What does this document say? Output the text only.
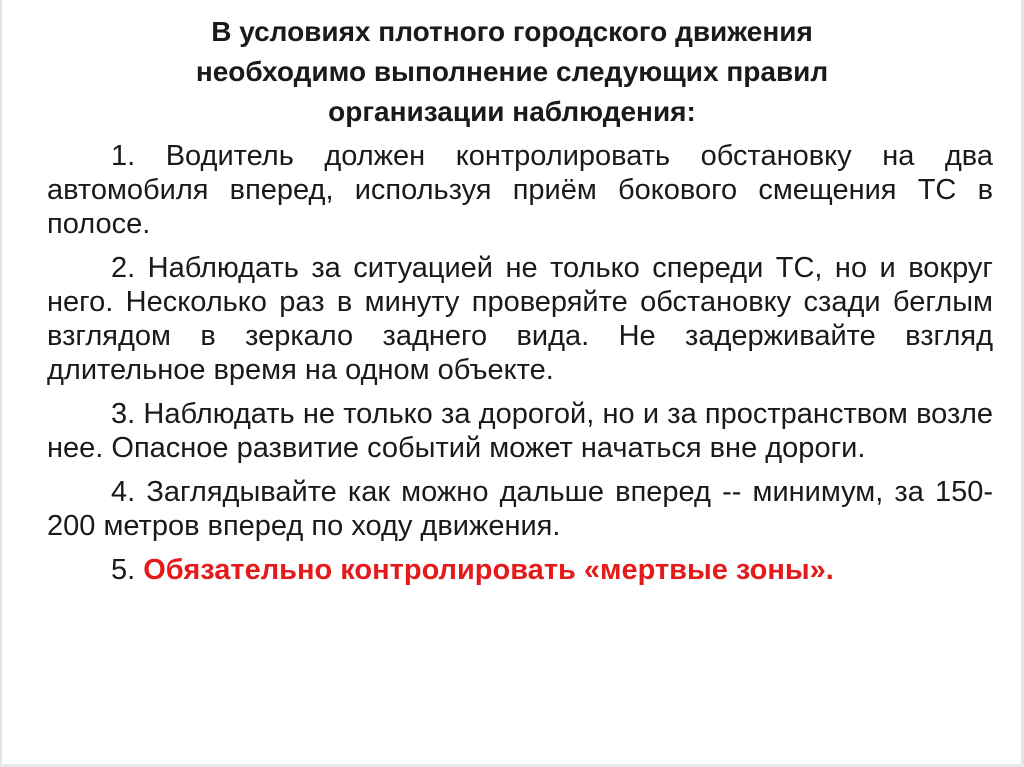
В условиях плотного городского движения
необходимо выполнение следующих правил
организации наблюдения:

1. Водитель должен контролировать обстановку на два автомобиля вперед, используя приём бокового смещения ТС в полосе.

2. Наблюдать за ситуацией не только спереди ТС, но и вокруг него. Несколько раз в минуту проверяйте обстановку сзади беглым взглядом в зеркало заднего вида. Не задерживайте взгляд длительное время на одном объекте.

3. Наблюдать не только за дорогой, но и за пространством возле нее. Опасное развитие событий может начаться вне дороги.

4. Заглядывайте как можно дальше вперед -- минимум, за 150-200 метров вперед по ходу движения.

5. Обязательно контролировать «мертвые зоны».
